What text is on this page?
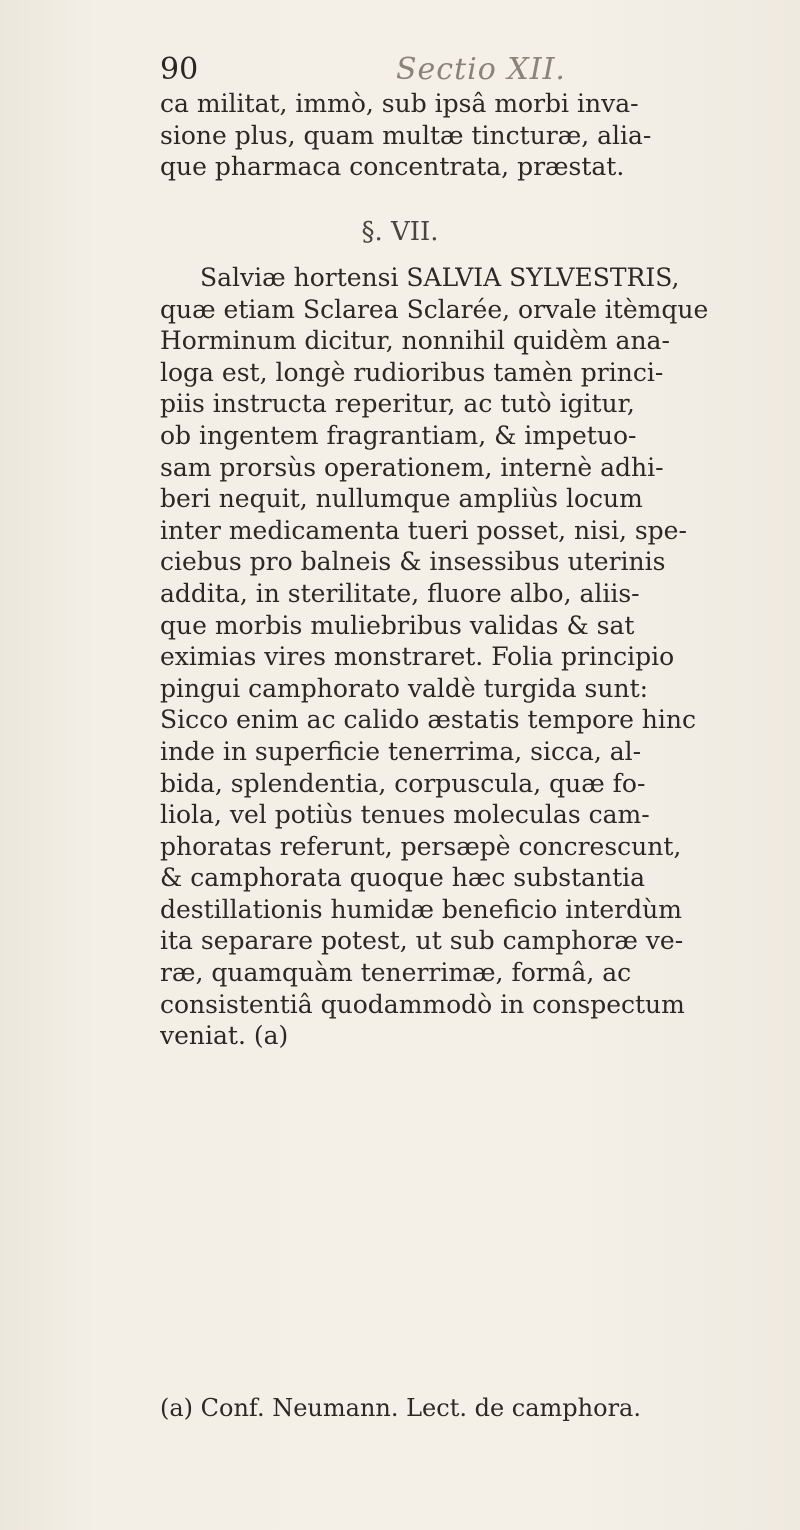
90	Sectio XII.
ca militat, immò, sub ipsâ morbi inva-
sione plus, quam multæ tincturæ, alia-
que pharmaca concentrata, præstat.
§. VII.
Salviæ hortensi SALVIA SYLVESTRIS,
quæ etiam Sclarea Sclarée, orvale itèmque
Horminum dicitur, nonnihil quidèm ana-
loga est, longè rudioribus tamèn princi-
piis instructa reperitur, ac tutò igitur,
ob ingentem fragrantiam, & impetuo-
sam prorsùs operationem, internè adhi-
beri nequit, nullumque ampliùs locum
inter medicamenta tueri posset, nisi, spe-
ciebus pro balneis & insessibus uterinis
addita, in sterilitate, fluore albo, aliis-
que morbis muliebribus validas & sat
eximias vires monstraret. Folia principio
pingui camphorato valdè turgida sunt:
Sicco enim ac calido æstatis tempore hinc
inde in superficie tenerrima, sicca, al-
bida, splendentia, corpuscula, quæ fo-
liola, vel potiùs tenues moleculas cam-
phoratas referunt, persæpè concrescunt,
& camphorata quoque hæc substantia
destillationis humidæ beneficio interdùm
ita separare potest, ut sub camphoræ ve-
ræ, quamquàm tenerrimæ, formâ, ac
consistentiâ quodammodò in conspectum
veniat. (a)
(a) Conf. Neumann. Lect. de camphora.
